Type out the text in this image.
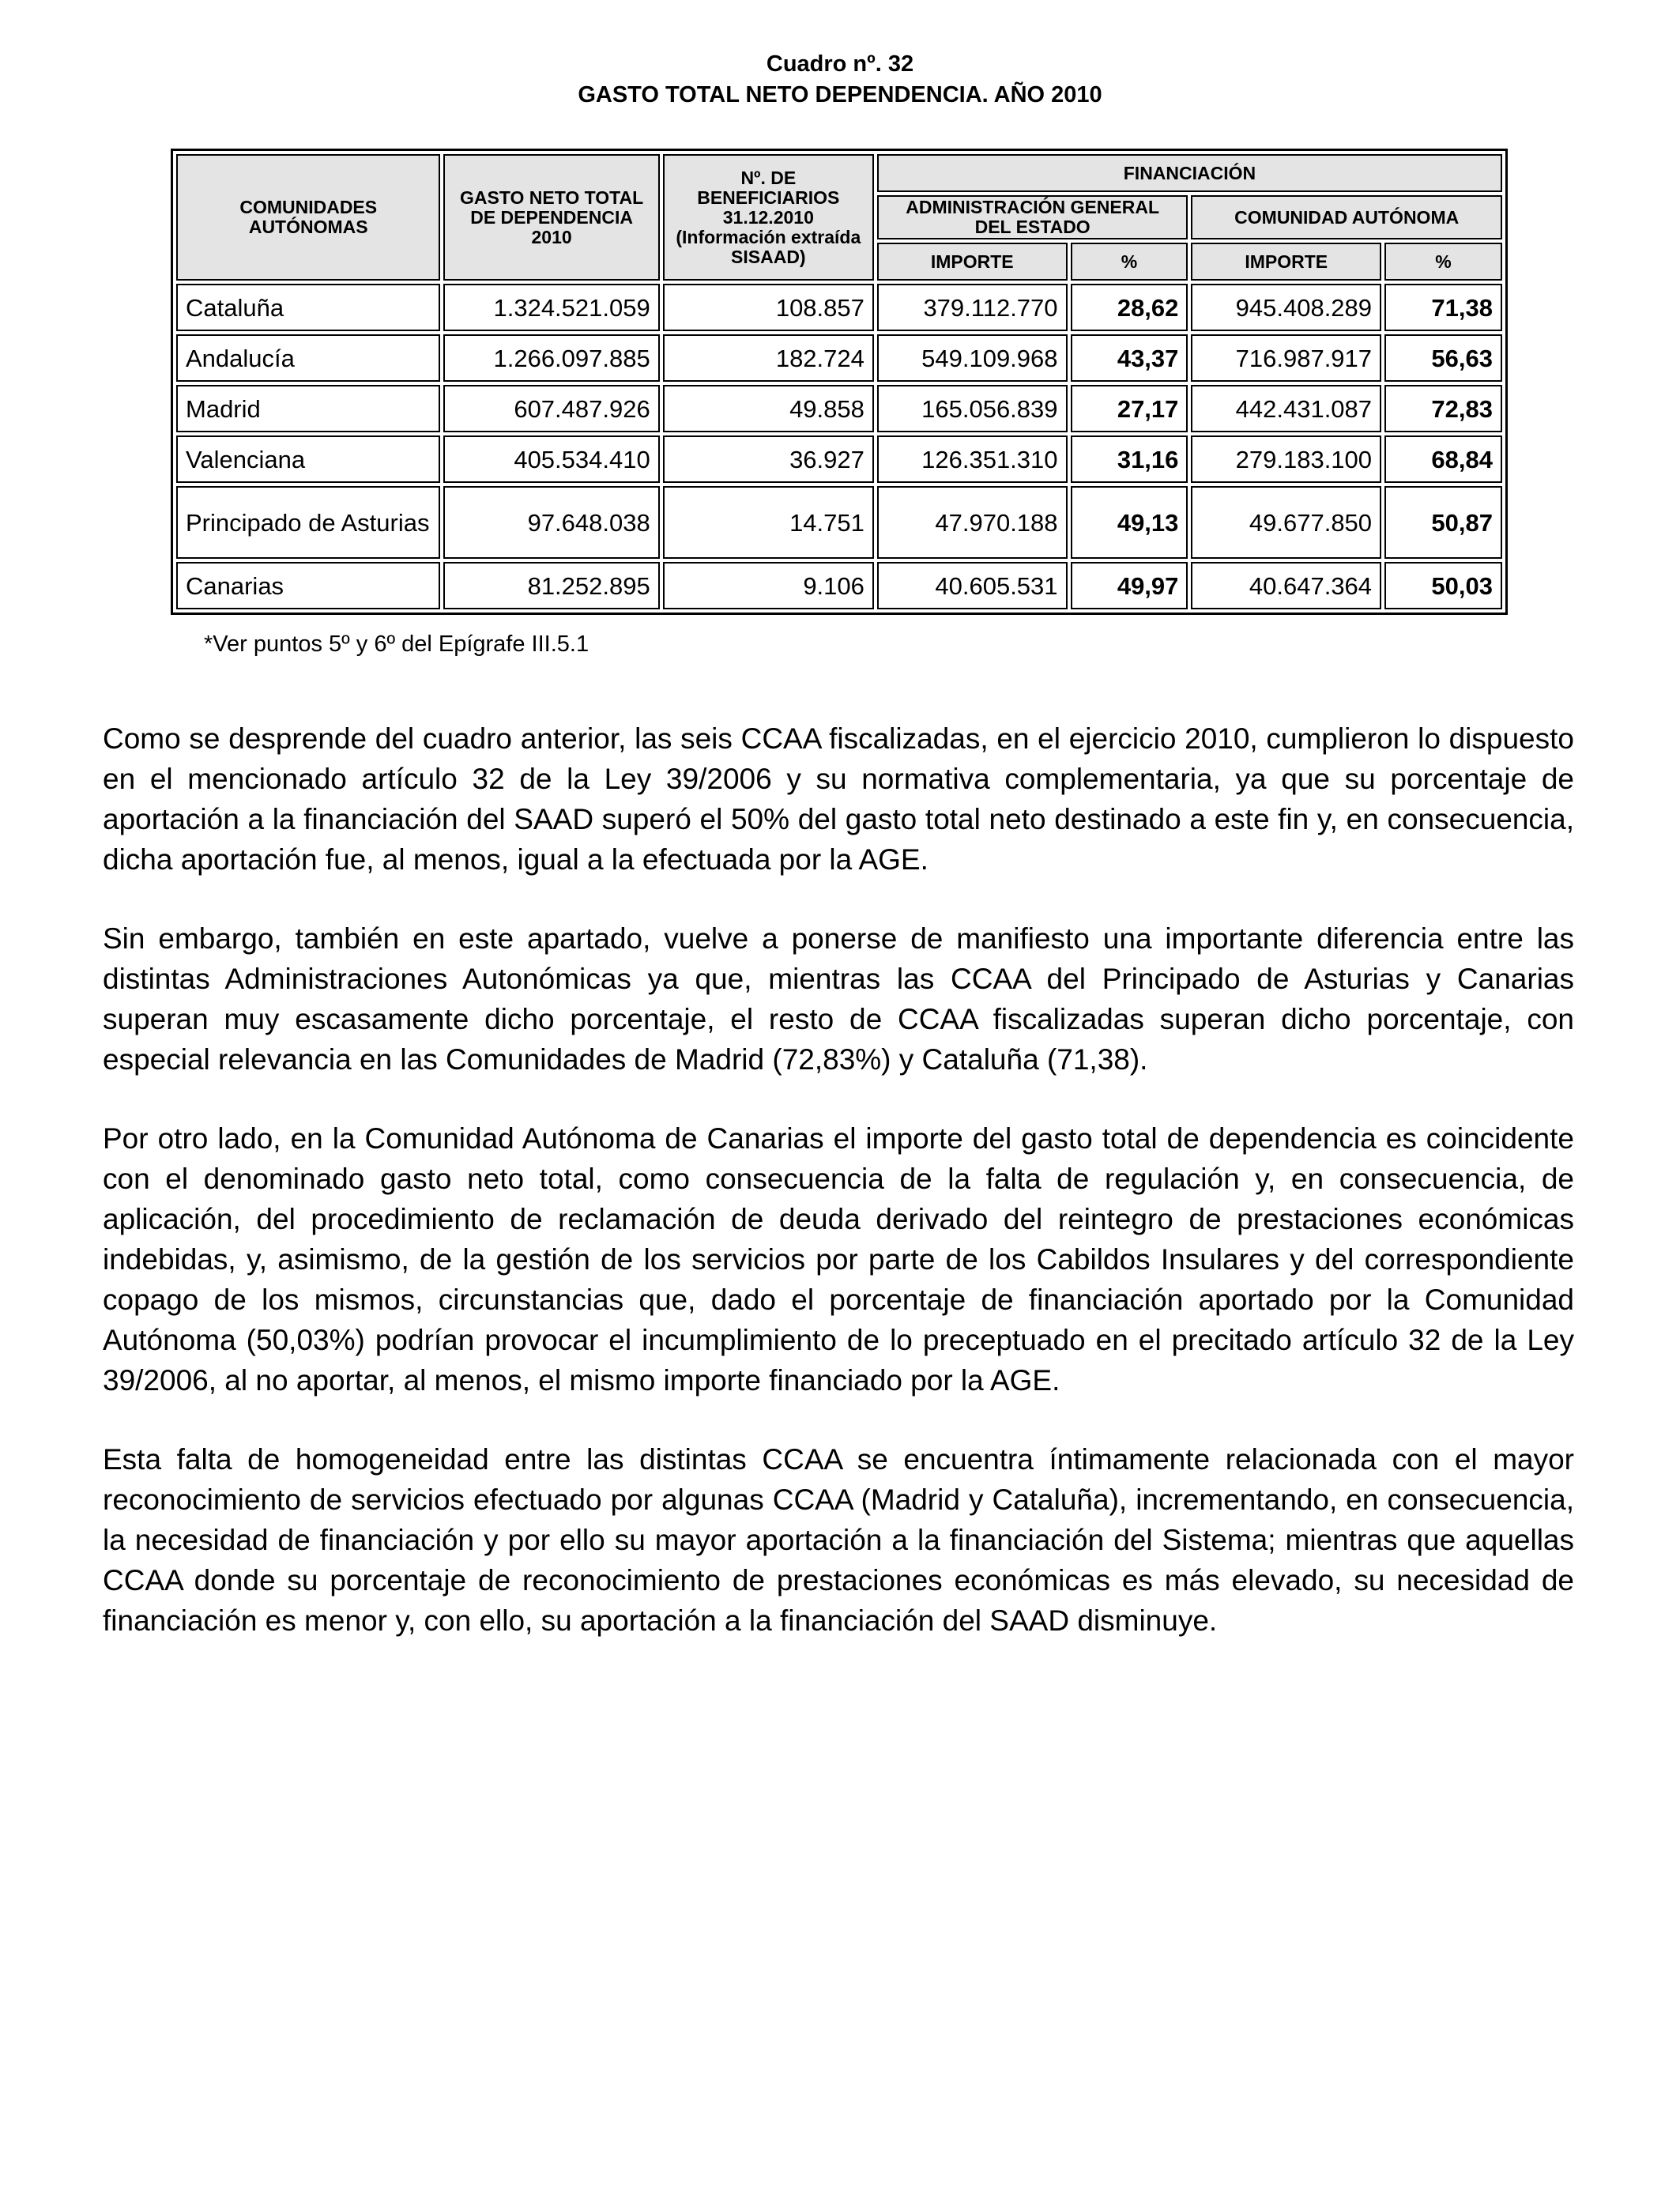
Cuadro nº. 32
GASTO TOTAL NETO DEPENDENCIA. AÑO 2010
COMUNIDADES AUTÓNOMAS	GASTO NETO TOTAL DE DEPENDENCIA 2010	Nº. DE BENEFICIARIOS 31.12.2010 (Información extraída SISAAD)	FINANCIACIÓN			
			ADMINISTRACIÓN GENERAL DEL ESTADO		COMUNIDAD AUTÓNOMA	
			IMPORTE	%	IMPORTE	%
Cataluña	1.324.521.059	108.857	379.112.770	28,62	945.408.289	71,38
Andalucía	1.266.097.885	182.724	549.109.968	43,37	716.987.917	56,63
Madrid	607.487.926	49.858	165.056.839	27,17	442.431.087	72,83
Valenciana	405.534.410	36.927	126.351.310	31,16	279.183.100	68,84
Principado de Asturias	97.648.038	14.751	47.970.188	49,13	49.677.850	50,87
Canarias	81.252.895	9.106	40.605.531	49,97	40.647.364	50,03
*Ver puntos 5º y 6º del Epígrafe III.5.1

Como se desprende del cuadro anterior, las seis CCAA fiscalizadas, en el ejercicio 2010, cumplieron lo dispuesto en el mencionado artículo 32 de la Ley 39/2006 y su normativa complementaria, ya que su porcentaje de aportación a la financiación del SAAD superó el 50% del gasto total neto destinado a este fin y, en consecuencia, dicha aportación fue, al menos, igual a la efectuada por la AGE.

Sin embargo, también en este apartado, vuelve a ponerse de manifiesto una importante diferencia entre las distintas Administraciones Autonómicas ya que, mientras las CCAA del Principado de Asturias y Canarias superan muy escasamente dicho porcentaje, el resto de CCAA fiscalizadas superan dicho porcentaje, con especial relevancia en las Comunidades de Madrid (72,83%) y Cataluña (71,38).

Por otro lado, en la Comunidad Autónoma de Canarias el importe del gasto total de dependencia es coincidente con el denominado gasto neto total, como consecuencia de la falta de regulación y, en consecuencia, de aplicación, del procedimiento de reclamación de deuda derivado del reintegro de prestaciones económicas indebidas, y, asimismo, de la gestión de los servicios por parte de los Cabildos Insulares y del correspondiente copago de los mismos, circunstancias que, dado el porcentaje de financiación aportado por la Comunidad Autónoma (50,03%) podrían provocar el incumplimiento de lo preceptuado en el precitado artículo 32 de la Ley 39/2006, al no aportar, al menos, el mismo importe financiado por la AGE.

Esta falta de homogeneidad entre las distintas CCAA se encuentra íntimamente relacionada con el mayor reconocimiento de servicios efectuado por algunas CCAA (Madrid y Cataluña), incrementando, en consecuencia, la necesidad de financiación y por ello su mayor aportación a la financiación del Sistema; mientras que aquellas CCAA donde su porcentaje de reconocimiento de prestaciones económicas es más elevado, su necesidad de financiación es menor y, con ello, su aportación a la financiación del SAAD disminuye.
